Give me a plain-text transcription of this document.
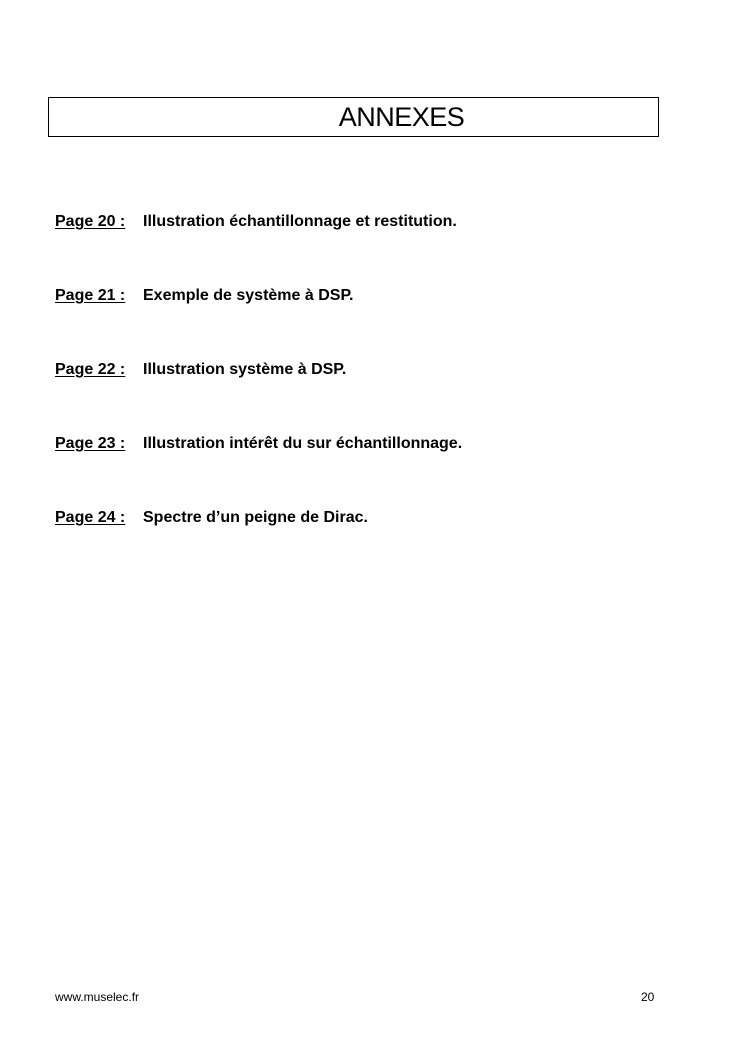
ANNEXES
Page 20 :	Illustration échantillonnage et restitution.
Page 21 :	Exemple de système à DSP.
Page 22 :	Illustration système à DSP.
Page 23 :	Illustration intérêt du sur échantillonnage.
Page 24 :	Spectre d’un peigne de Dirac.
www.muselec.fr	20
